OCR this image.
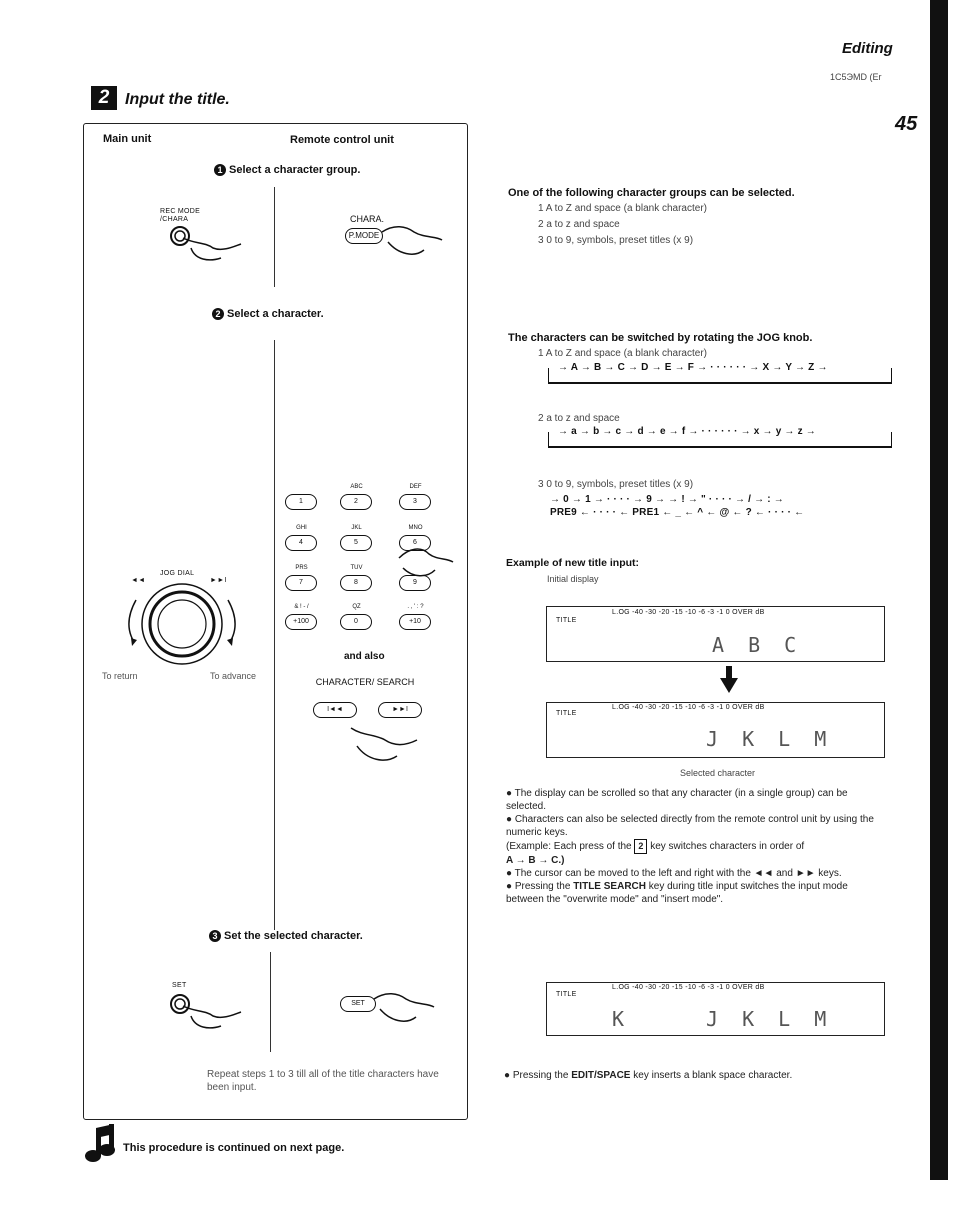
Editing
1C5ЭМD (Er
45
2 Input the title.
Main unit	Remote control unit
1 Select a character group.
REC MODE /CHARA	CHARA.
P.MODE
2 Select a character.
JOG DIAL
◄◄	►►I
To return	To advance
1
ABC
2
DEF
3
GHI
4
JKL
5
MNO
6
PRS
7
TUV
8	9
& ! - /
+100
QZ
0
. , ' : ?
+10
and also
CHARACTER/ SEARCH
I◄◄	►►I
3 Set the selected character.
SET
SET
Repeat steps 1 to 3 till all of the title characters have been input.
One of the following character groups can be selected.
1 A to Z and space (a blank character)
2 a to z and space
3 0 to 9, symbols, preset titles (x 9)
The characters can be switched by rotating the JOG knob.
1 A to Z and space (a blank character)
→ A → B → C → D → E → F → · · · · · · → X → Y → Z →
2 a to z and space
→ a → b → c → d → e → f → · · · · · · → x → y → z →
3 0 to 9, symbols, preset titles (x 9)
→ 0 → 1 → · · · · → 9 → → ! → " · · · · → / → : →
PRE9 ← · · · · ← PRE1 ← _ ← ^ ← @ ← ? ← · · · · ←
Example of new title input:
Initial display
TITLE
L.OG -40 -30 -20 -15 -10 -6 -3 -1 0 OVER dB
A B C
TITLE
L.OG -40 -30 -20 -15 -10 -6 -3 -1 0 OVER dB
J K L M
Selected character

● The display can be scrolled so that any character (in a single group) can be selected.

● Characters can also be selected directly from the remote control unit by using the numeric keys.

(Example: Each press of the 2 key switches characters in order of

A → B → C.)

● The cursor can be moved to the left and right with the ◄◄ and ►► keys.

● Pressing the TITLE SEARCH key during title input switches the input mode between the "overwrite mode" and "insert mode".

TITLE
L.OG -40 -30 -20 -15 -10 -6 -3 -1 0 OVER dB
K	J K L M
● Pressing the EDIT/SPACE key inserts a blank space character.
This procedure is continued on next page.
